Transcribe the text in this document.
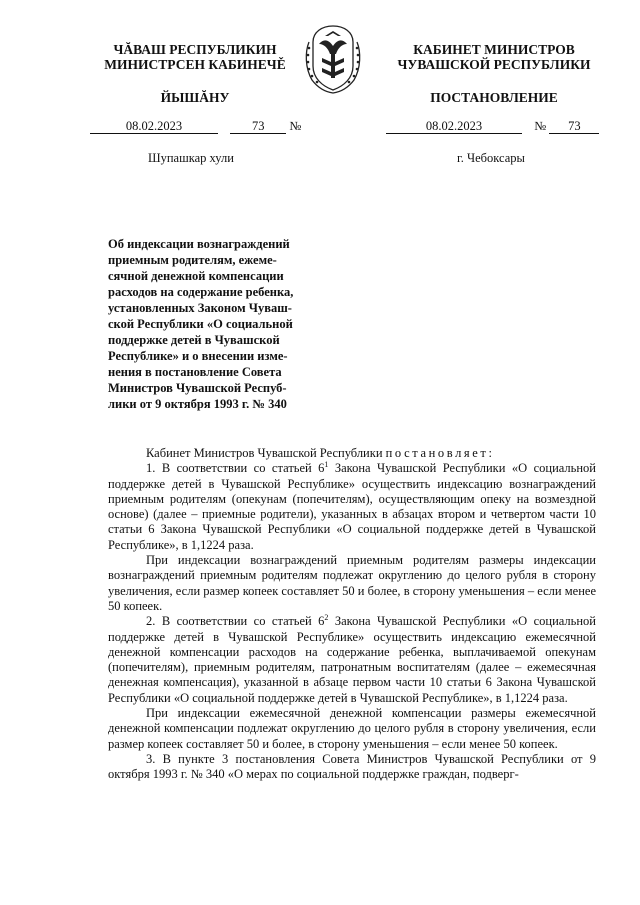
ЧĂВАШ РЕСПУБЛИКИН
МИНИСТРСЕН КАБИНЕЧĚ
КАБИНЕТ МИНИСТРОВ
ЧУВАШСКОЙ РЕСПУБЛИКИ
ЙЫШĂНУ	ПОСТАНОВЛЕНИЕ
08.02.2023	73 №	08.02.2023	№ 73
Шупашкар хули	г. Чебоксары

Об индексации вознаграждений

приемным родителям, ежеме-

сячной денежной компенсации

расходов на содержание ребенка,

установленных Законом Чуваш-

ской Республики «О социальной

поддержке детей в Чувашской

Республике» и о внесении изме-

нения в постановление Совета

Министров Чувашской Респуб-

лики от 9 октября 1993 г. № 340

Кабинет Министров Чувашской Республики постановляет:

1. В соответствии со статьей $6^1$ Закона Чувашской Республики «О социальной поддержке детей в Чувашской Республике» осуществить индексацию вознаграждений приемным родителям (опекунам (попечителям), осуществляющим опеку на возмездной основе) (далее – приемные родители), указанных в абзацах втором и четвертом части 10 статьи 6 Закона Чувашской Республики «О социальной поддержке детей в Чувашской Республике», в 1,1224 раза.

При индексации вознаграждений приемным родителям размеры индексации вознаграждений приемным родителям подлежат округлению до целого рубля в сторону увеличения, если размер копеек составляет 50 и более, в сторону уменьшения – если менее 50 копеек.

2. В соответствии со статьей $6^2$ Закона Чувашской Республики «О социальной поддержке детей в Чувашской Республике» осуществить индексацию ежемесячной денежной компенсации расходов на содержание ребенка, выплачиваемой опекунам (попечителям), приемным родителям, патронатным воспитателям (далее – ежемесячная денежная компенсация), указанной в абзаце первом части 10 статьи 6 Закона Чувашской Республики «О социальной поддержке детей в Чувашской Республике», в 1,1224 раза.

При индексации ежемесячной денежной компенсации размеры ежемесячной денежной компенсации подлежат округлению до целого рубля в сторону увеличения, если размер копеек составляет 50 и более, в сторону уменьшения – если менее 50 копеек.

3. В пункте 3 постановления Совета Министров Чувашской Республики от 9 октября 1993 г. № 340 «О мерах по социальной поддержке граждан, подверг-
